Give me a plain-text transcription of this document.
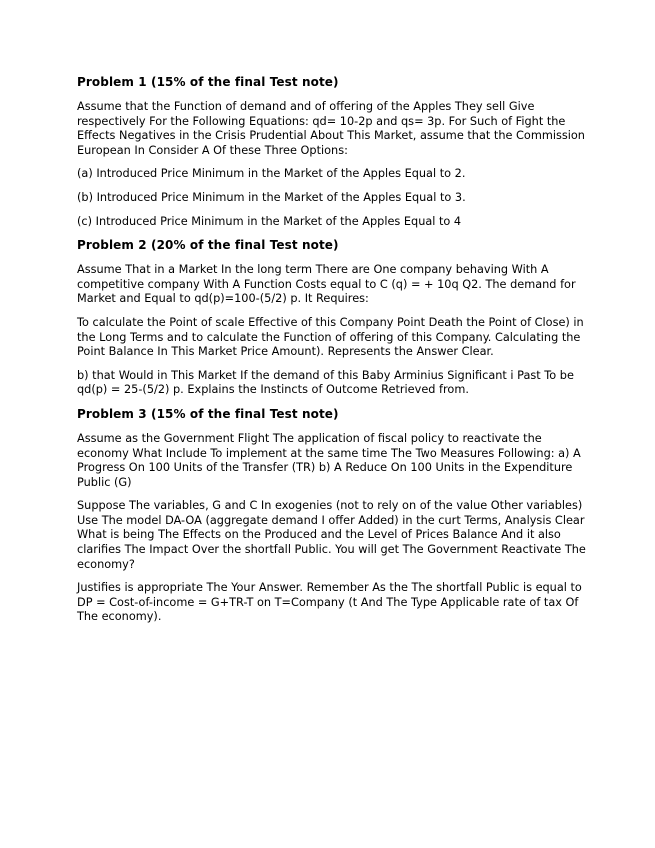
Problem 1 (15% of the final Test note)

Assume that the Function of demand and of offering of the Apples They sell Give respectively For the Following Equations: qd= 10-2p and qs= 3p. For Such of Fight the Effects Negatives in the Crisis Prudential About This Market, assume that the Commission European In Consider A Of these Three Options:

(a) Introduced Price Minimum in the Market of the Apples Equal to 2.

(b) Introduced Price Minimum in the Market of the Apples Equal to 3.

(c) Introduced Price Minimum in the Market of the Apples Equal to 4

Problem 2 (20% of the final Test note)

Assume That in a Market In the long term There are One company behaving With A competitive company With A Function Costs equal to C (q) = + 10q Q2. The demand for Market and Equal to qd(p)=100-(5/2) p. It Requires:

To calculate the Point of scale Effective of this Company Point Death the Point of Close) in the Long Terms and to calculate the Function of offering of this Company. Calculating the Point Balance In This Market Price Amount). Represents the Answer Clear.

b) that Would in This Market If the demand of this Baby Arminius Significant i Past To be qd(p) = 25-(5/2) p. Explains the Instincts of Outcome Retrieved from.

Problem 3 (15% of the final Test note)

Assume as the Government Flight The application of fiscal policy to reactivate the economy What Include To implement at the same time The Two Measures Following: a) A Progress On 100 Units of the Transfer (TR) b) A Reduce On 100 Units in the Expenditure Public (G)

Suppose The variables, G and C In exogenies (not to rely on of the value Other variables) Use The model DA-OA (aggregate demand I offer Added) in the curt Terms, Analysis Clear What is being The Effects on the Produced and the Level of Prices Balance And it also clarifies The Impact Over the shortfall Public. You will get The Government Reactivate The economy?

Justifies is appropriate The Your Answer. Remember As the The shortfall Public is equal to DP = Cost-of-income = G+TR-T on T=Company (t And The Type Applicable rate of tax Of The economy).
